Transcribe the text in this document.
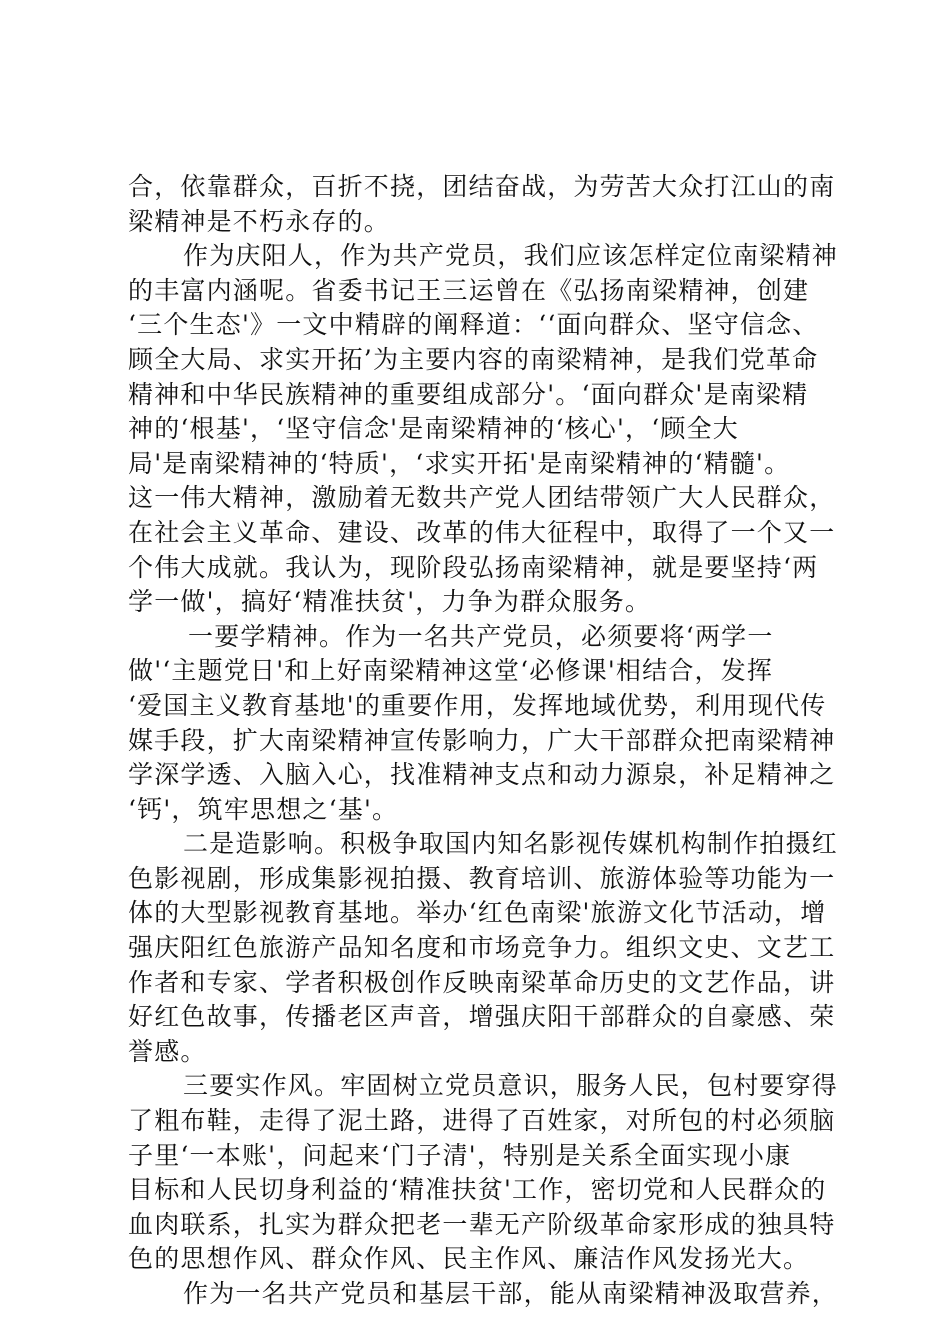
合，依靠群众，百折不挠，团结奋战，为劳苦大众打江山的南
梁精神是不朽永存的。
作为庆阳人，作为共产党员，我们应该怎样定位南梁精神
的丰富内涵呢。省委书记王三运曾在《弘扬南梁精神，创建
‘三个生态'》一文中精辟的阐释道：‘‘面向群众、坚守信念、
顾全大局、求实开拓’为主要内容的南梁精神，是我们党革命
精神和中华民族精神的重要组成部分'。‘面向群众'是南梁精
神的‘根基'，‘坚守信念'是南梁精神的‘核心'，‘顾全大
局'是南梁精神的‘特质'，‘求实开拓'是南梁精神的‘精髓'。
这一伟大精神，激励着无数共产党人团结带领广大人民群众，
在社会主义革命、建设、改革的伟大征程中，取得了一个又一
个伟大成就。我认为，现阶段弘扬南梁精神，就是要坚持‘两
学一做'，搞好‘精准扶贫'，力争为群众服务。
一要学精神。作为一名共产党员，必须要将‘两学一
做'‘主题党日'和上好南梁精神这堂‘必修课'相结合，发挥
‘爱国主义教育基地'的重要作用，发挥地域优势，利用现代传
媒手段，扩大南梁精神宣传影响力，广大干部群众把南梁精神
学深学透、入脑入心，找准精神支点和动力源泉，补足精神之
‘钙'，筑牢思想之‘基'。
二是造影响。积极争取国内知名影视传媒机构制作拍摄红
色影视剧，形成集影视拍摄、教育培训、旅游体验等功能为一
体的大型影视教育基地。举办‘红色南梁'旅游文化节活动，增
强庆阳红色旅游产品知名度和市场竞争力。组织文史、文艺工
作者和专家、学者积极创作反映南梁革命历史的文艺作品，讲
好红色故事，传播老区声音，增强庆阳干部群众的自豪感、荣
誉感。
三要实作风。牢固树立党员意识，服务人民，包村要穿得
了粗布鞋，走得了泥土路，进得了百姓家，对所包的村必须脑
子里‘一本账'，问起来‘门子清'，特别是关系全面实现小康
目标和人民切身利益的‘精准扶贫'工作，密切党和人民群众的
血肉联系，扎实为群众把老一辈无产阶级革命家形成的独具特
色的思想作风、群众作风、民主作风、廉洁作风发扬光大。
作为一名共产党员和基层干部，能从南梁精神汲取营养，
